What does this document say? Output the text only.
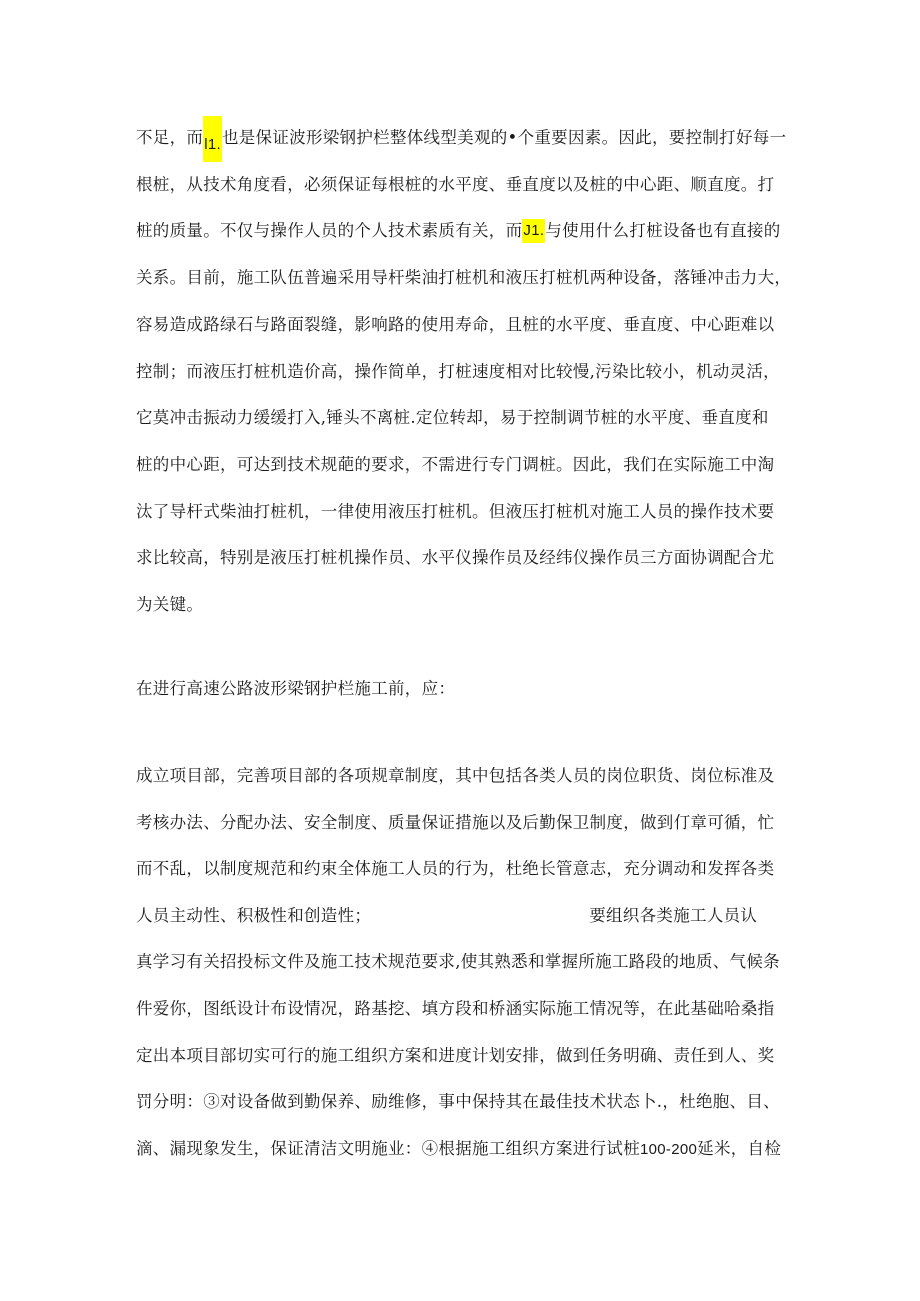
不足，而l1.也是保证波形梁钢护栏整体线型美观的•个重要因素。因此，要控制打好每一
根桩，从技术角度看，必须保证每根桩的水平度、垂直度以及桩的中心距、顺直度。打
桩的质量。不仅与操作人员的个人技术素质有关，而J1.与使用什么打桩设备也有直接的
关系。目前，施工队伍普遍采用导杆柴油打桩机和液压打桩机两种设备，落锤冲击力大，
容易造成路绿石与路面裂缝，影响路的使用寿命，且桩的水平度、垂直度、中心距难以
控制；而液压打桩机造价高，操作简单，打桩速度相对比较慢,污染比较小，机动灵活，
它莫冲击振动力缓缓打入,锤头不离桩.定位转却，易于控制调节桩的水平度、垂直度和
桩的中心距，可达到技术规葩的要求，不需进行专门调桩。因此，我们在实际施工中淘
汰了导杆式柴油打桩机，一律使用液压打桩机。但液压打桩机对施工人员的操作技术要
求比较高，特别是液压打桩机操作员、水平仪操作员及经纬仪操作员三方面协调配合尤
为关键。
在进行高速公路波形梁钢护栏施工前，应：
成立项目部，完善项目部的各项规章制度，其中包括各类人员的岗位职货、岗位标准及
考核办法、分配办法、安全制度、质量保证措施以及后勤保卫制度，做到仃章可循，忙
而不乱，以制度规范和约束全体施工人员的行为，杜绝长管意志，充分调动和发挥各类
人员主动性、积极性和创造性；	要组织各类施工人员认
真学习有关招投标文件及施工技术规范要求,使其熟悉和掌握所施工路段的地质、气候条
件爱你，图纸设计布设情况，路基挖、填方段和桥涵实际施工情况等，在此基础哈桑指
定出本项目部切实可行的施工组织方案和进度计划安排，做到任务明确、责任到人、奖
罚分明：③对设备做到勤保养、励维修，事中保持其在最佳技术状态卜.，杜绝胞、目、
滴、漏现象发生，保证清洁文明施业：④根据施工组织方案进行试桩100-200延米，自检
